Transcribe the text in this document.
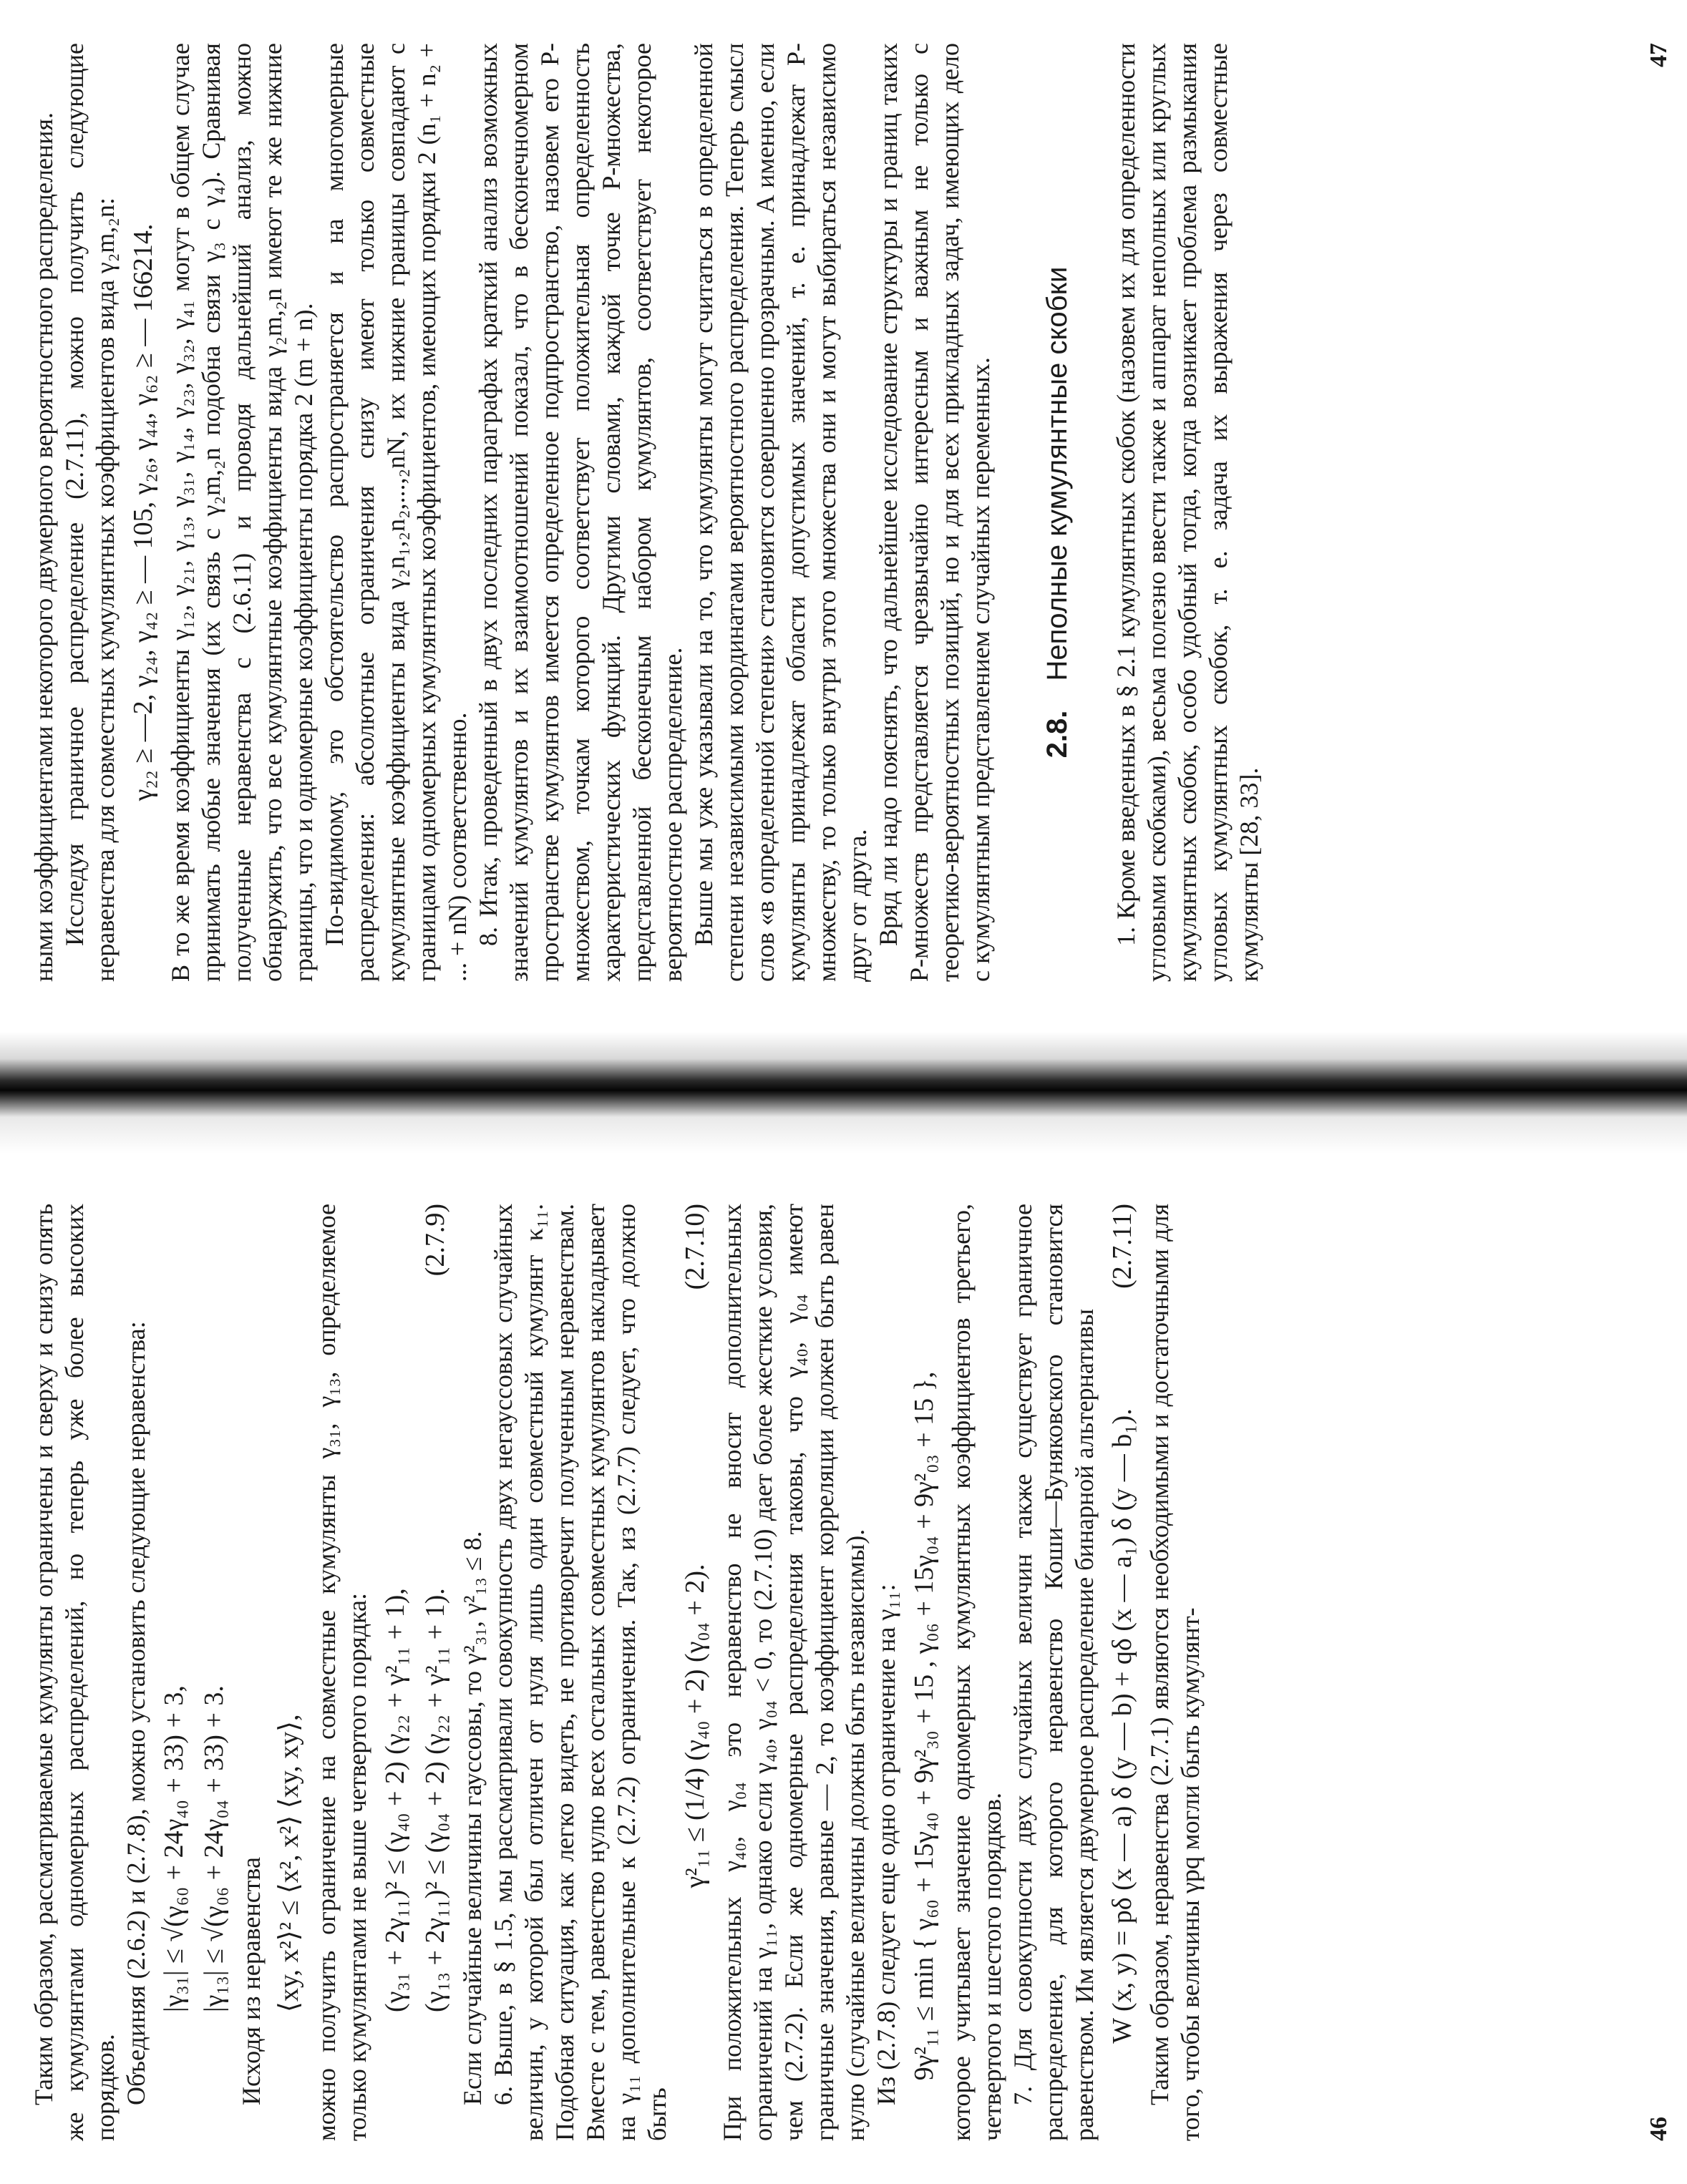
Таким образом, рассматриваемые кумулянты ограничены и сверху и снизу опять же кумулянтами одномерных распределений, но теперь уже более высоких порядков. Объединяя (2.6.2) и (2.7.8), можно установить следующие неравенства: |γ₃₁| ≤ √(γ₆₀ + 24γ₄₀ + 33) + 3, |γ₁₃| ≤ √(γ₀₆ + 24γ₀₄ + 33) + 3. Исходя из неравенства ⟨xy, x²⟩² ≤ ⟨x², x²⟩ ⟨xy, xy⟩, можно получить ограничение на совместные кумулянты γ₃₁, γ₁₃, определяемое только кумулянтами не выше четвертого порядка: (γ₃₁ + 2γ₁₁)² ≤ (γ₄₀ + 2) (γ₂₂ + γ²₁₁ + 1), (γ₁₃ + 2γ₁₁)² ≤ (γ₀₄ + 2) (γ₂₂ + γ²₁₁ + 1).
(2.7.9)

Если случайные величины гауссовы, то γ²₃₁, γ²₁₃ ≤ 8. 6. Выше, в § 1.5, мы рассматривали совокупность двух негауссовых случайных величин, у которой был отличен от нуля лишь один совместный кумулянт κ₁₁. Подобная ситуация, как легко видеть, не противоречит полученным неравенствам. Вместе с тем, равенство нулю всех остальных совместных кумулянтов накладывает на γ₁₁ дополнительные к (2.7.2) ограничения. Так, из (2.7.7) следует, что должно быть

γ²₁₁ ≤ (1/4) (γ₄₀ + 2) (γ₀₄ + 2).
(2.7.10) При положительных γ₄₀, γ₀₄ это неравенство не вносит дополнительных ограничений на γ₁₁, однако если γ₄₀, γ₀₄ < 0, то (2.7.10) дает более жесткие условия, чем (2.7.2). Если же одномерные распределения таковы, что γ₄₀, γ₀₄ имеют граничные значения, равные — 2, то коэффициент корреляции должен быть равен нулю (случайные величины должны быть независимы). Из (2.7.8) следует еще одно ограничение на γ₁₁: 9γ²₁₁ ≤ min { γ₆₀ + 15γ₄₀ + 9γ²₃₀ + 15 , γ₀₆ + 15γ₀₄ + 9γ²₀₃ + 15 }, которое учитывает значение одномерных кумулянтных коэффициентов третьего, четвертого и шестого порядков. 7. Для совокупности двух случайных величин также существует граничное распределение, для которого неравенство Коши—Буняковского становится равенством. Им является двумерное распределение бинарной альтернативы W (x, y) = pδ (x — a) δ (y — b) + qδ (x — a₁) δ (y — b₁).
(2.7.11) Таким образом, неравенства (2.7.1) являются необходимыми и достаточными для того, чтобы величины γpq могли быть кумулянт-	46

ными коэффициентами некоторого двумерного вероятностного распределения. Исследуя граничное распределение (2.7.11), можно получить следующие неравенства для совместных кумулянтных коэффициентов вида γ₂m,₂n: γ₂₂ ≥ —2, γ₂₄, γ₄₂ ≥ — 105, γ₂₆, γ₄₄, γ₆₂ ≥ — 166214. В то же время коэффициенты γ₁₂, γ₂₁, γ₁₃, γ₃₁, γ₁₄, γ₂₃, γ₃₂, γ₄₁ могут в общем случае принимать любые значения (их связь с γ₂m,₂n подобна связи γ₃ с γ₄). Сравнивая полученные неравенства с (2.6.11) и проводя дальнейший анализ, можно обнаружить, что все кумулянтные коэффициенты вида γ₂m,₂n имеют те же нижние границы, что и одномерные коэффициенты порядка 2 (m + n). По-видимому, это обстоятельство распространяется и на многомерные распределения: абсолютные ограничения снизу имеют только совместные кумулянтные коэффициенты вида γ₂n₁,₂n₂,...,₂nN, их нижние границы совпадают с границами одномерных кумулянтных коэффициентов, имеющих порядки 2 (n₁ + n₂ + ... + nN) соответственно. 8. Итак, проведенный в двух последних параграфах краткий анализ возможных значений кумулянтов и их взаимоотношений показал, что в бесконечномерном пространстве кумулянтов имеется определенное подпространство, назовем его P-множеством, точкам которого соответствует положительная определенность характеристических функций. Другими словами, каждой точке P-множества, представленной бесконечным набором кумулянтов, соответствует некоторое вероятностное распределение. Выше мы уже указывали на то, что кумулянты могут считаться в определенной степени независимыми координатами вероятностного распределения. Теперь смысл слов «в определенной степени» становится совершенно прозрачным. А именно, если кумулянты принадлежат области допустимых значений, т. е. принадлежат P-множеству, то только внутри этого множества они и могут выбираться независимо друг от друга. Вряд ли надо пояснять, что дальнейшее исследование структуры и границ таких P-множеств представляется чрезвычайно интересным и важным не только с теоретико-вероятностных позиций, но и для всех прикладных задач, имеющих дело с кумулянтным представлением случайных переменных. 2.8. Неполные кумулянтные скобки 1. Кроме введенных в § 2.1 кумулянтных скобок (назовем их для определенности угловыми скобками), весьма полезно ввести также и аппарат неполных или круглых кумулянтных скобок, особо удобный тогда, когда возникает проблема размыкания угловых кумулянтных скобок, т. е. задача их выражения через совместные кумулянты [28, 33].

47
